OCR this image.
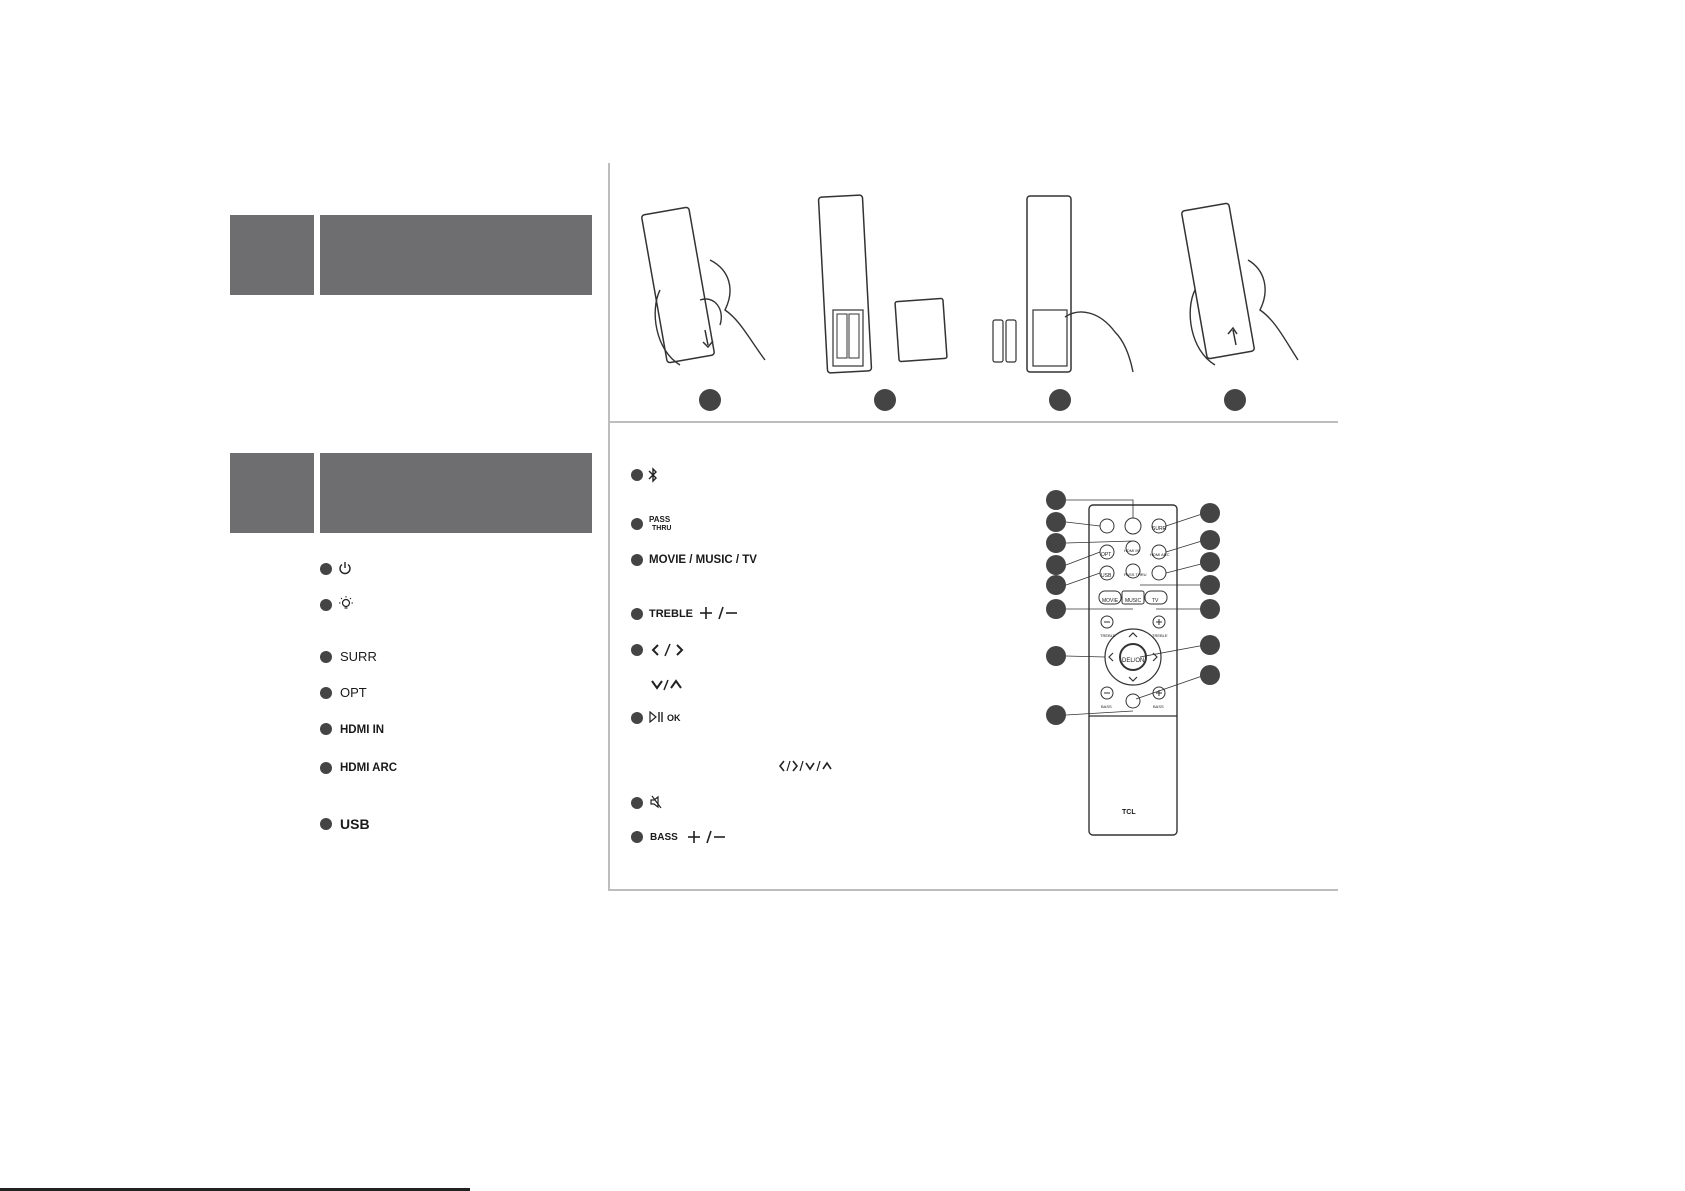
SURR
OPT
HDMI IN
HDMI ARC
USB
PASS
THRU
MOVIE / MUSIC / TV
TREBLE
OK
BASS
SURR
OPT
HDMI IN
HDMI ARC
USB	PASS THRU
MOVIE MUSIC TV
TREBLE	TREBLE
DEL/ON
BASS	BASS
TCL
